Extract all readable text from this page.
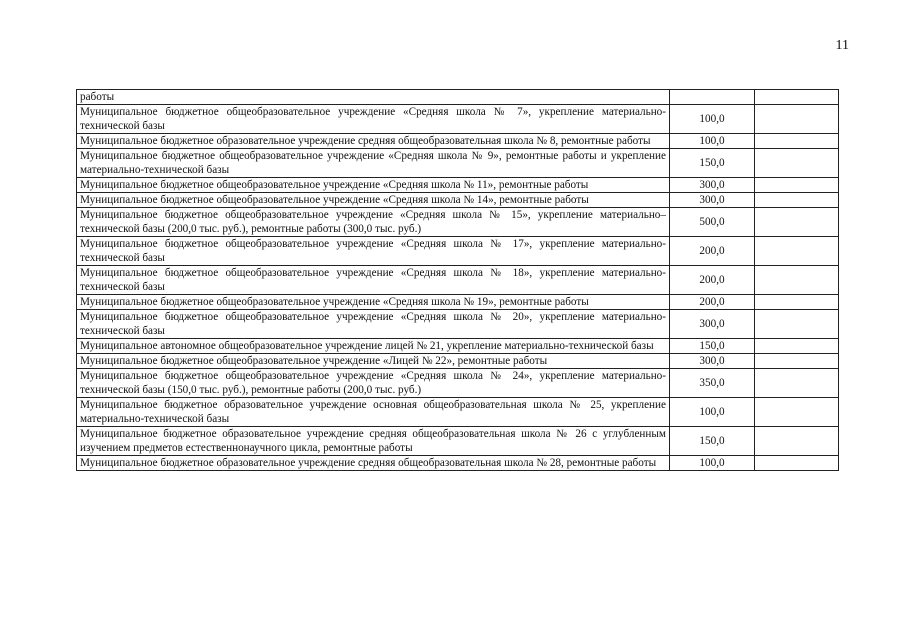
11
работы		
Муниципальное бюджетное общеобразовательное учреждение «Средняя школа № 7», укрепление материально-технической базы	100,0	
Муниципальное бюджетное образовательное учреждение средняя общеобразовательная школа № 8, ремонтные работы	100,0	
Муниципальное бюджетное общеобразовательное учреждение «Средняя школа № 9», ремонтные работы и укрепление материально-технической базы	150,0	
Муниципальное бюджетное общеобразовательное учреждение «Средняя школа № 11», ремонтные работы	300,0	
Муниципальное бюджетное общеобразовательное учреждение «Средняя школа № 14», ремонтные работы	300,0	
Муниципальное бюджетное общеобразовательное учреждение «Средняя школа № 15», укрепление материально–технической базы (200,0 тыс. руб.), ремонтные работы (300,0 тыс. руб.)	500,0	
Муниципальное бюджетное общеобразовательное учреждение «Средняя школа № 17», укрепление материально-технической базы	200,0	
Муниципальное бюджетное общеобразовательное учреждение «Средняя школа № 18», укрепление материально-технической базы	200,0	
Муниципальное бюджетное общеобразовательное учреждение «Средняя школа № 19», ремонтные работы	200,0	
Муниципальное бюджетное общеобразовательное учреждение «Средняя школа № 20», укрепление материально-технической базы	300,0	
Муниципальное автономное общеобразовательное учреждение лицей № 21, укрепление материально-технической базы	150,0	
Муниципальное бюджетное общеобразовательное учреждение «Лицей № 22», ремонтные работы	300,0	
Муниципальное бюджетное общеобразовательное учреждение «Средняя школа № 24», укрепление материально-технической базы (150,0 тыс. руб.), ремонтные работы (200,0 тыс. руб.)	350,0	
Муниципальное бюджетное образовательное учреждение основная общеобразовательная школа № 25, укрепление материально-технической базы	100,0	
Муниципальное бюджетное образовательное учреждение средняя общеобразовательная школа № 26 с углубленным изучением предметов естественнонаучного цикла, ремонтные работы	150,0	
Муниципальное бюджетное образовательное учреждение средняя общеобразовательная школа № 28, ремонтные работы	100,0	
